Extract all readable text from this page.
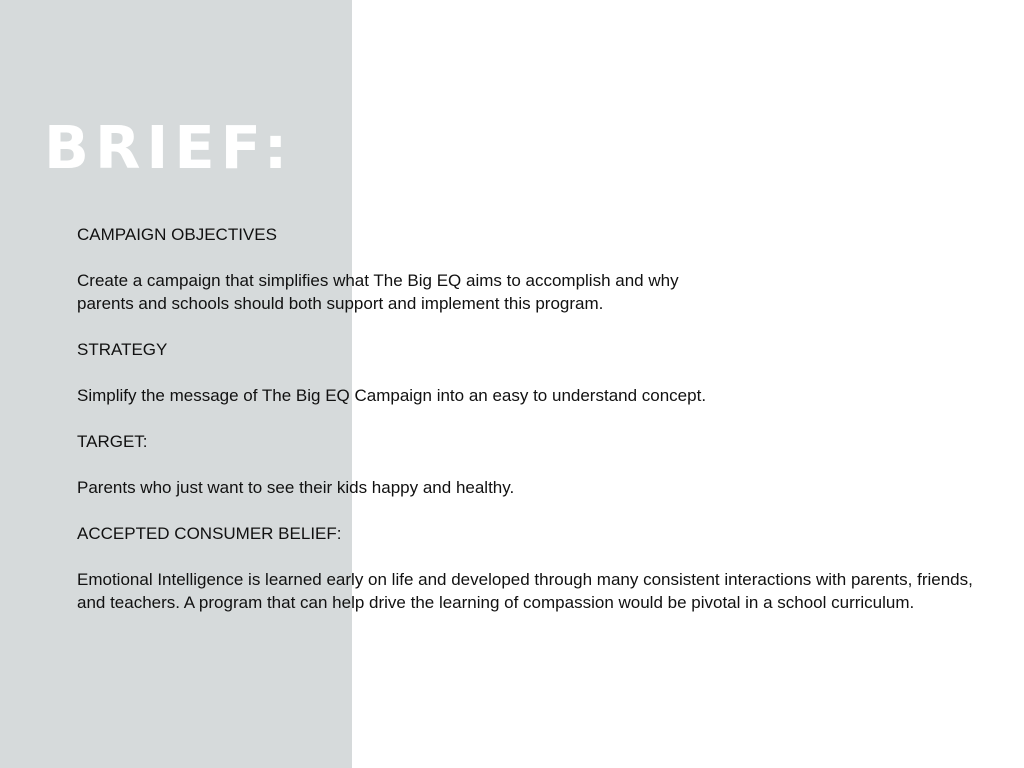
BRIEF:

CAMPAIGN OBJECTIVES

Create a campaign that simplifies what The Big EQ aims to accomplish and why parents and schools should both support and implement this program.

STRATEGY

Simplify the message of The Big EQ Campaign into an easy to understand concept.

TARGET:

Parents who just want to see their kids happy and healthy.

ACCEPTED CONSUMER BELIEF:

Emotional Intelligence is learned early on life and developed through many consistent interactions with parents, friends, and teachers. A program that can help drive the learning of compassion would be pivotal in a school curriculum.
